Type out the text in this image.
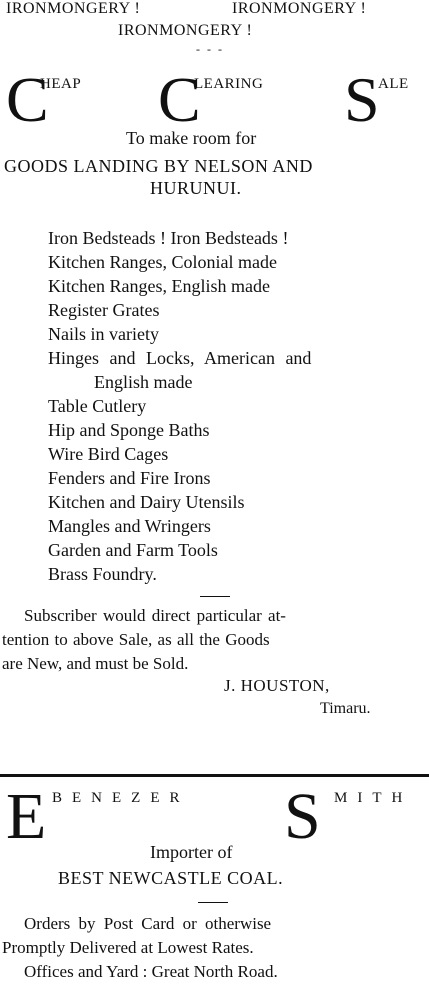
IRONMONGERY !	IRONMONGERY !
IRONMONGERY !
- - -
C
HEAP C
LEARING S
ALE
To make room for
GOODS LANDING BY NELSON AND
HURUNUI.
Iron Bedsteads ! Iron Bedsteads !
Kitchen Ranges, Colonial made
Kitchen Ranges, English made
Register Grates
Nails in variety
Hinges and Locks, American and
English made
Table Cutlery
Hip and Sponge Baths
Wire Bird Cages
Fenders and Fire Irons
Kitchen and Dairy Utensils
Mangles and Wringers
Garden and Farm Tools
Brass Foundry.
Subscriber would direct particular at-
tention to above Sale, as all the Goods
are New, and must be Sold.
J. HOUSTON,
Timaru.
E BENEZER S MITH
Importer of
BEST NEWCASTLE COAL.
Orders by Post Card or otherwise
Promptly Delivered at Lowest Rates.
Offices and Yard : Great North Road.
